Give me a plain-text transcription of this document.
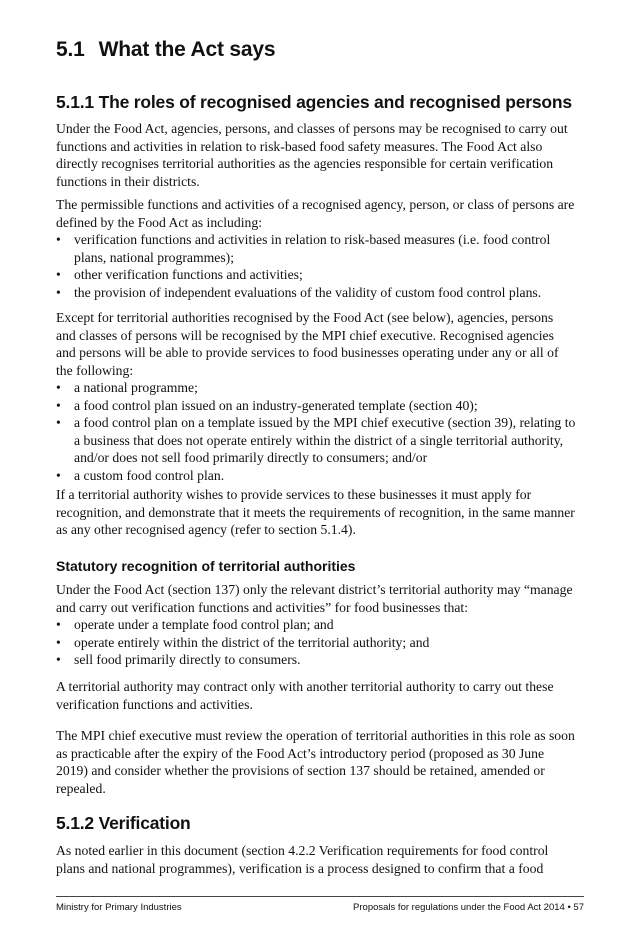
5.1 What the Act says
5.1.1 The roles of recognised agencies and recognised persons

Under the Food Act, agencies, persons, and classes of persons may be recognised to carry out functions and activities in relation to risk-based food safety measures. The Food Act also directly recognises territorial authorities as the agencies responsible for certain verification functions in their districts.

The permissible functions and activities of a recognised agency, person, or class of persons are defined by the Food Act as including:

• verification functions and activities in relation to risk-based measures (i.e. food control plans, national programmes);
• other verification functions and activities;
• the provision of independent evaluations of the validity of custom food control plans.

Except for territorial authorities recognised by the Food Act (see below), agencies, persons and classes of persons will be recognised by the MPI chief executive. Recognised agencies and persons will be able to provide services to food businesses operating under any or all of the following:

• a national programme;
• a food control plan issued on an industry-generated template (section 40);
• a food control plan on a template issued by the MPI chief executive (section 39), relating to a business that does not operate entirely within the district of a single territorial authority, and/or does not sell food primarily directly to consumers; and/or
• a custom food control plan.

If a territorial authority wishes to provide services to these businesses it must apply for recognition, and demonstrate that it meets the requirements of recognition, in the same manner as any other recognised agency (refer to section 5.1.4).

Statutory recognition of territorial authorities

Under the Food Act (section 137) only the relevant district’s territorial authority may “manage and carry out verification functions and activities” for food businesses that:

• operate under a template food control plan; and
• operate entirely within the district of the territorial authority; and
• sell food primarily directly to consumers.

A territorial authority may contract only with another territorial authority to carry out these verification functions and activities.

The MPI chief executive must review the operation of territorial authorities in this role as soon as practicable after the expiry of the Food Act’s introductory period (proposed as 30 June 2019) and consider whether the provisions of section 137 should be retained, amended or repealed.

5.1.2 Verification

As noted earlier in this document (section 4.2.2 Verification requirements for food control plans and national programmes), verification is a process designed to confirm that a food

Ministry for Primary Industries	Proposals for regulations under the Food Act 2014 • 57
